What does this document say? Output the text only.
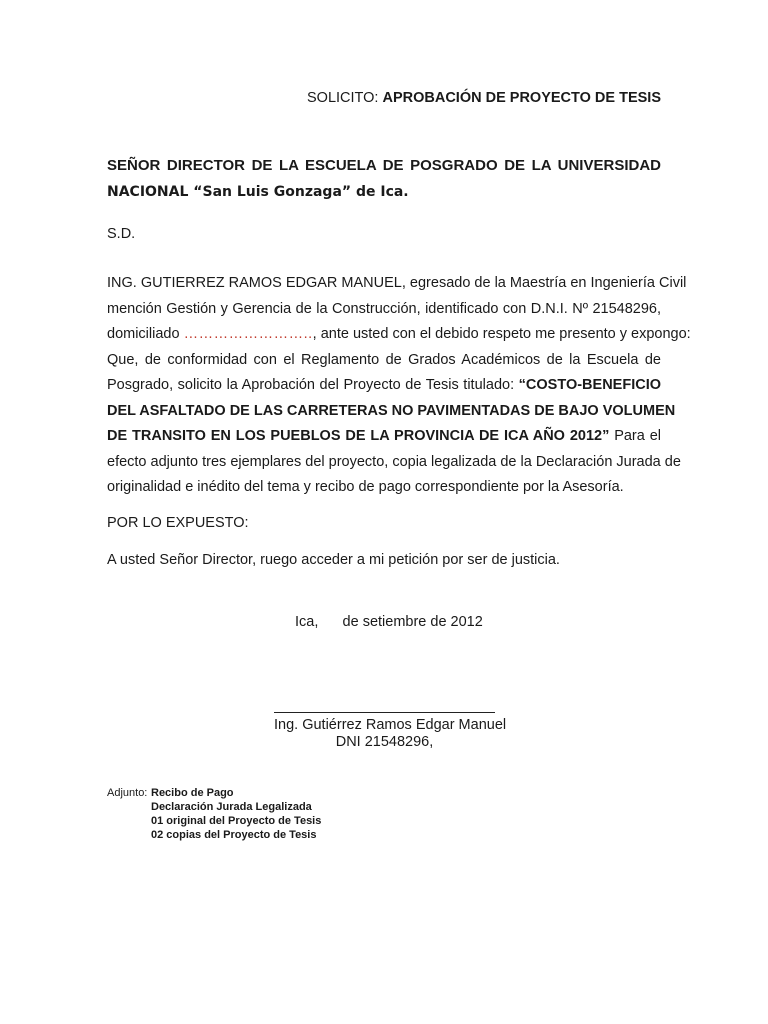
SOLICITO: APROBACIÓN DE PROYECTO DE TESIS
SEÑOR DIRECTOR DE LA ESCUELA DE POSGRADO DE LA UNIVERSIDAD
NACIONAL “San Luis Gonzaga” de Ica.
S.D.
ING. GUTIERREZ RAMOS EDGAR MANUEL, egresado de la Maestría en Ingeniería Civil
mención Gestión y Gerencia de la Construcción, identificado con D.N.I. Nº 21548296,
domiciliado …………………….., ante usted con el debido respeto me presento y expongo:
Que, de conformidad con el Reglamento de Grados Académicos de la Escuela de
Posgrado, solicito la Aprobación del Proyecto de Tesis titulado: “COSTO-BENEFICIO
DEL ASFALTADO DE LAS CARRETERAS NO PAVIMENTADAS DE BAJO VOLUMEN
DE TRANSITO EN LOS PUEBLOS DE LA PROVINCIA DE ICA AÑO 2012” Para el
efecto adjunto tres ejemplares del proyecto, copia legalizada de la Declaración Jurada de
originalidad e inédito del tema y recibo de pago correspondiente por la Asesoría.
POR LO EXPUESTO:
A usted Señor Director, ruego acceder a mi petición por ser de justicia.
Ica, de setiembre de 2012
Ing. Gutiérrez Ramos Edgar Manuel
DNI 21548296,
Adjunto: Recibo de Pago
Declaración Jurada Legalizada
01 original del Proyecto de Tesis
02 copias del Proyecto de Tesis
